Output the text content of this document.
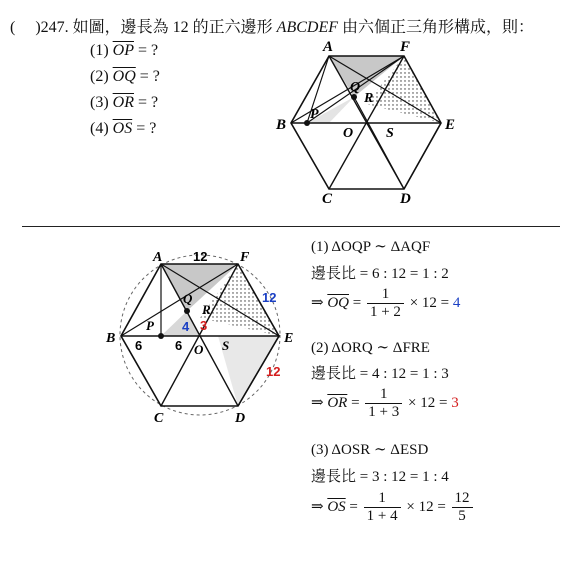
( )247. 如圖，邊長為 12 的正六邊形 ABCDEF 由六個正三角形構成，則：
(1) $\overline{OP}$ = ?
(2) $\overline{OQ}$ = ?
(3) $\overline{OR}$ = ?
(4) $\overline{OS}$ = ?
A	F
B	E
C	D
O
P
Q
R
S
A	F
B	E
C	D
O
P
Q
R
S
12
12
6	6
4 3
12
(1) ΔOQP ∼ ΔAQF
邊長比 = 6 : 12 = 1 : 2
⇒ $\overline{OQ} = \frac{1}{1 + 2} \times 12 = 4$
(2) ΔORQ ∼ ΔFRE
邊長比 = 4 : 12 = 1 : 3
⇒ $\overline{OR} = \frac{1}{1 + 3} \times 12 = 3$
(3) ΔOSR ∼ ΔESD
邊長比 = 3 : 12 = 1 : 4
⇒ $\overline{OS} = \frac{1}{1 + 4} \times 12 = \frac{12}{5}$
